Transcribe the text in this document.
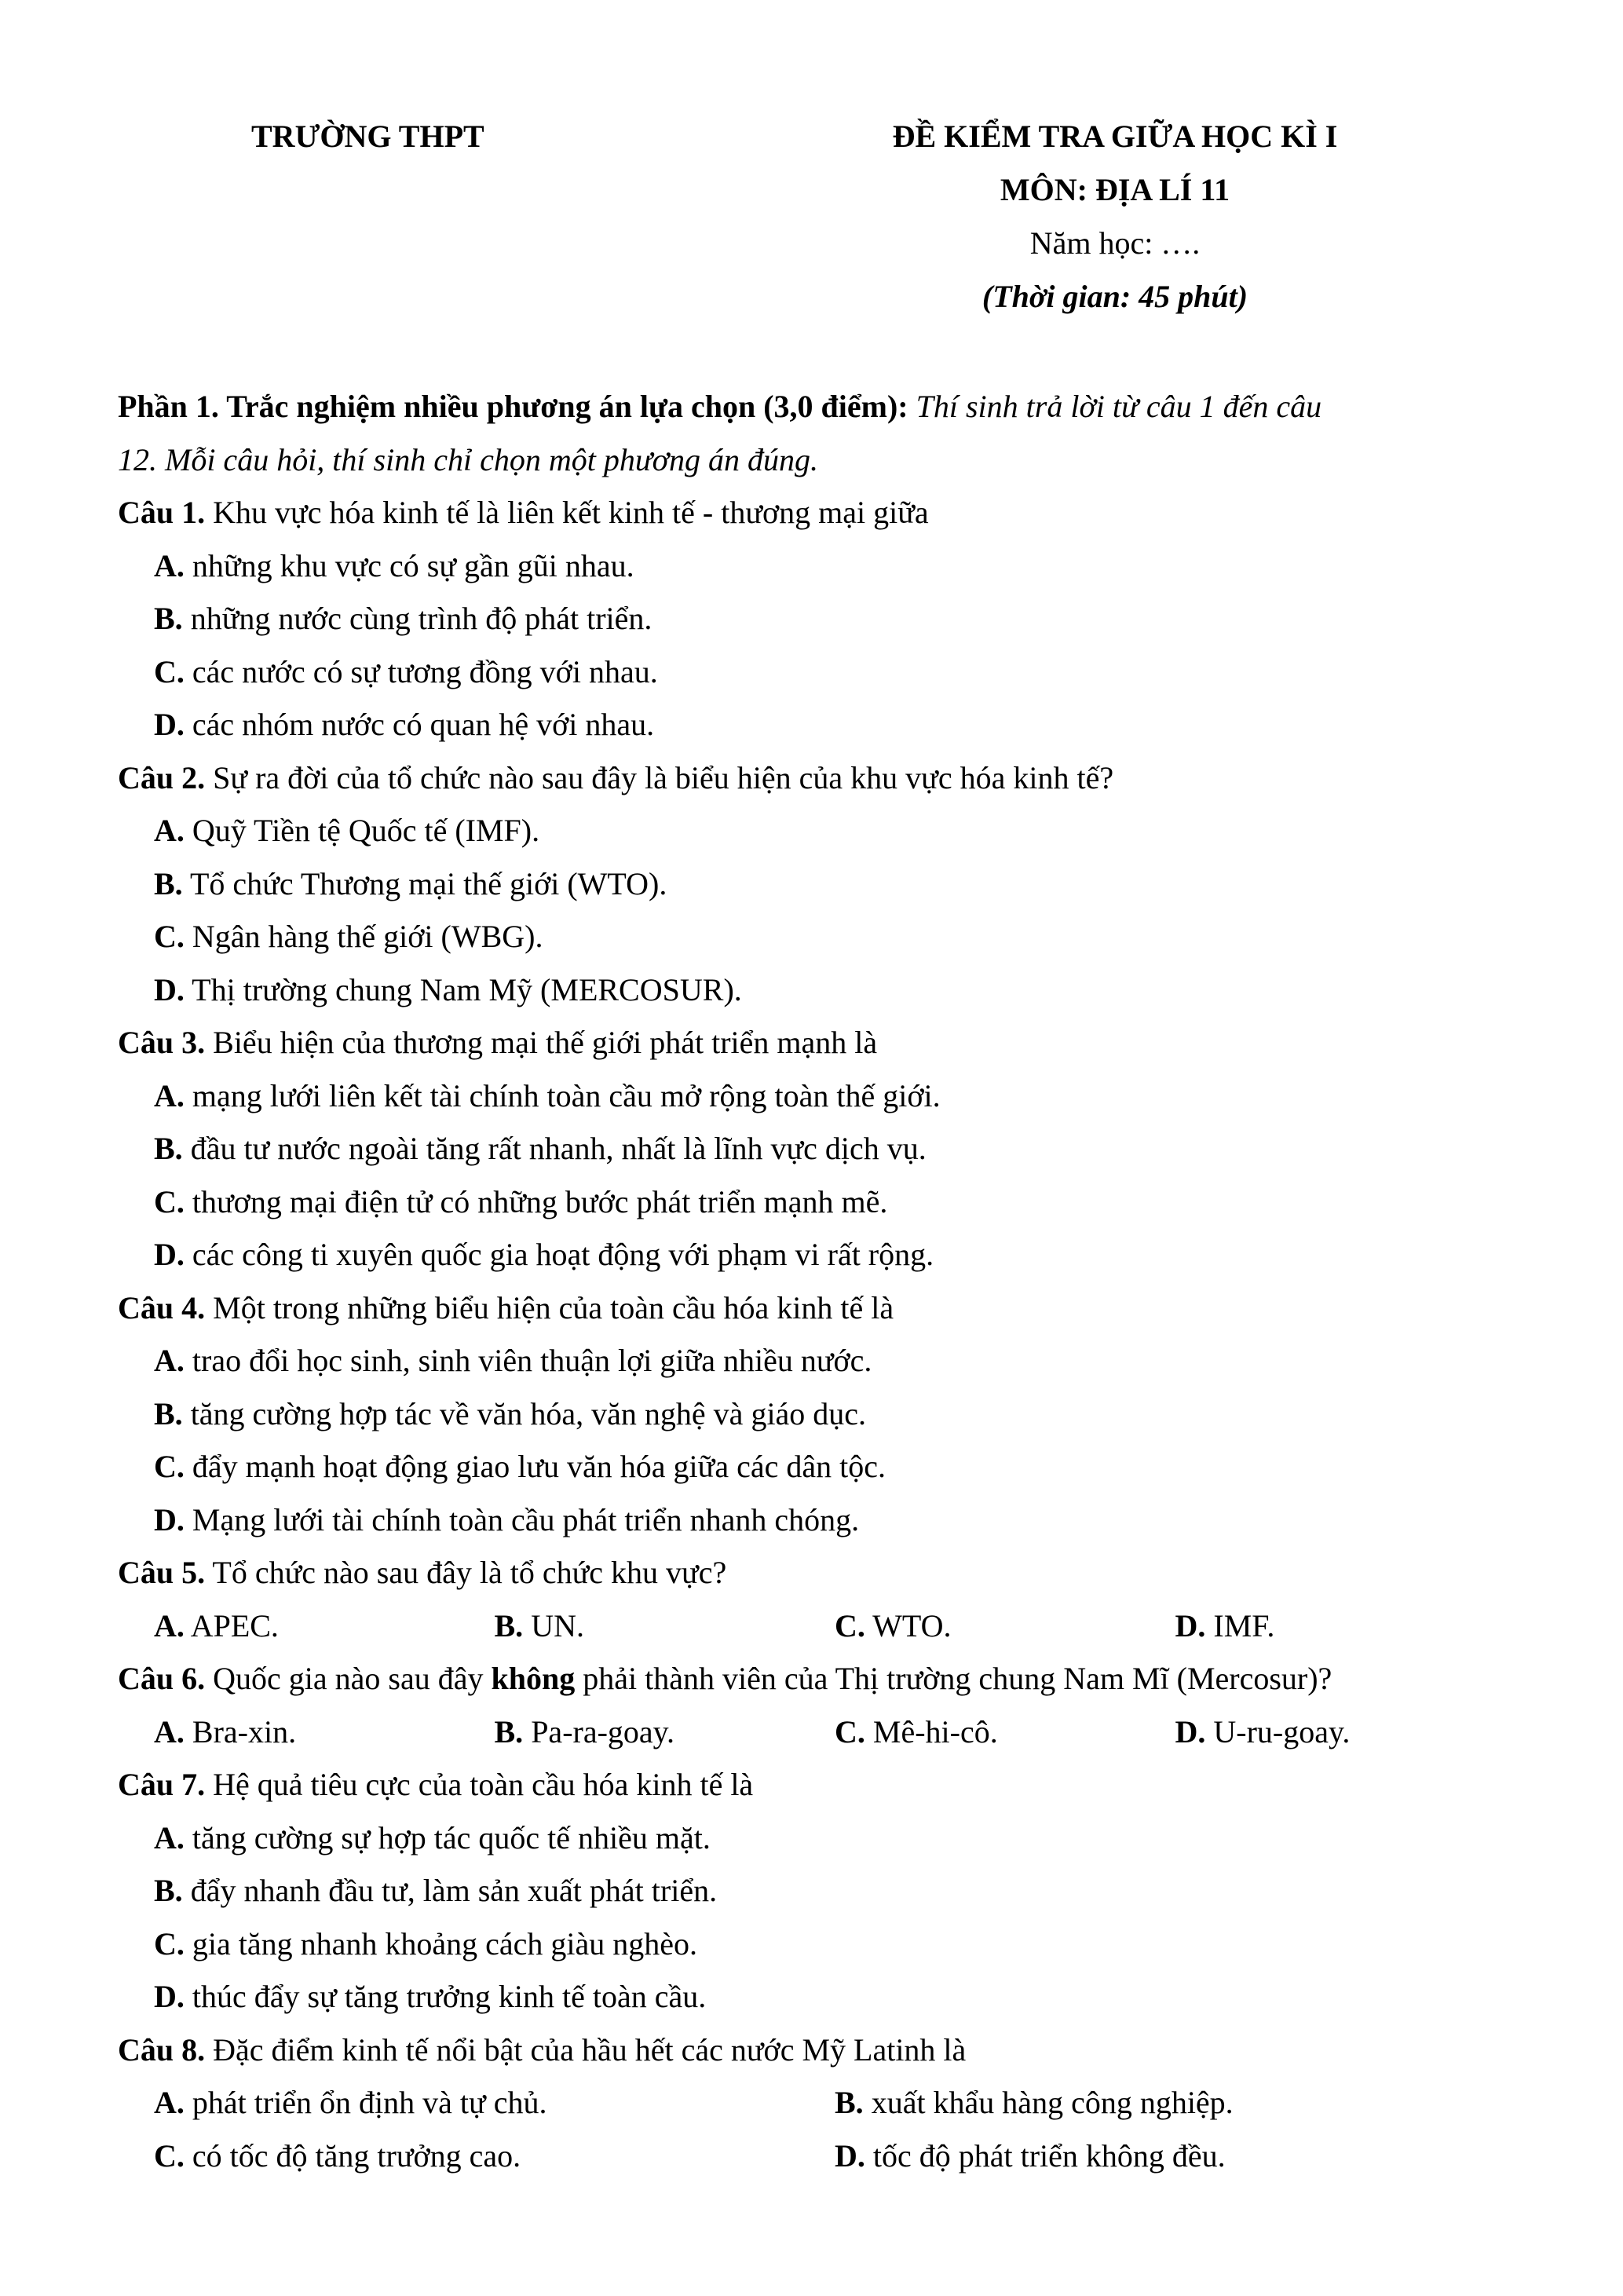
TRƯỜNG THPT	ĐỀ KIỂM TRA GIỮA HỌC KÌ I
MÔN: ĐỊA LÍ 11
Năm học: ….
(Thời gian: 45 phút)

Phần 1. Trắc nghiệm nhiều phương án lựa chọn (3,0 điểm): Thí sinh trả lời từ câu 1 đến câu
12. Mỗi câu hỏi, thí sinh chỉ chọn một phương án đúng.

Câu 1. Khu vực hóa kinh tế là liên kết kinh tế - thương mại giữa

A. những khu vực có sự gần gũi nhau.

B. những nước cùng trình độ phát triển.

C. các nước có sự tương đồng với nhau.

D. các nhóm nước có quan hệ với nhau.

Câu 2. Sự ra đời của tổ chức nào sau đây là biểu hiện của khu vực hóa kinh tế?

A. Quỹ Tiền tệ Quốc tế (IMF).

B. Tổ chức Thương mại thế giới (WTO).

C. Ngân hàng thế giới (WBG).

D. Thị trường chung Nam Mỹ (MERCOSUR).

Câu 3. Biểu hiện của thương mại thế giới phát triển mạnh là

A. mạng lưới liên kết tài chính toàn cầu mở rộng toàn thế giới.

B. đầu tư nước ngoài tăng rất nhanh, nhất là lĩnh vực dịch vụ.

C. thương mại điện tử có những bước phát triển mạnh mẽ.

D. các công ti xuyên quốc gia hoạt động với phạm vi rất rộng.

Câu 4. Một trong những biểu hiện của toàn cầu hóa kinh tế là

A. trao đổi học sinh, sinh viên thuận lợi giữa nhiều nước.

B. tăng cường hợp tác về văn hóa, văn nghệ và giáo dục.

C. đẩy mạnh hoạt động giao lưu văn hóa giữa các dân tộc.

D. Mạng lưới tài chính toàn cầu phát triển nhanh chóng.

Câu 5. Tổ chức nào sau đây là tổ chức khu vực?

A. APEC.	B. UN.	C. WTO.	D. IMF.

Câu 6. Quốc gia nào sau đây không phải thành viên của Thị trường chung Nam Mĩ (Mercosur)?

A. Bra-xin.	B. Pa-ra-goay.	C. Mê-hi-cô.	D. U-ru-goay.

Câu 7. Hệ quả tiêu cực của toàn cầu hóa kinh tế là

A. tăng cường sự hợp tác quốc tế nhiều mặt.

B. đẩy nhanh đầu tư, làm sản xuất phát triển.

C. gia tăng nhanh khoảng cách giàu nghèo.

D. thúc đẩy sự tăng trưởng kinh tế toàn cầu.

Câu 8. Đặc điểm kinh tế nổi bật của hầu hết các nước Mỹ Latinh là

A. phát triển ổn định và tự chủ.	B. xuất khẩu hàng công nghiệp.
C. có tốc độ tăng trưởng cao.	D. tốc độ phát triển không đều.
